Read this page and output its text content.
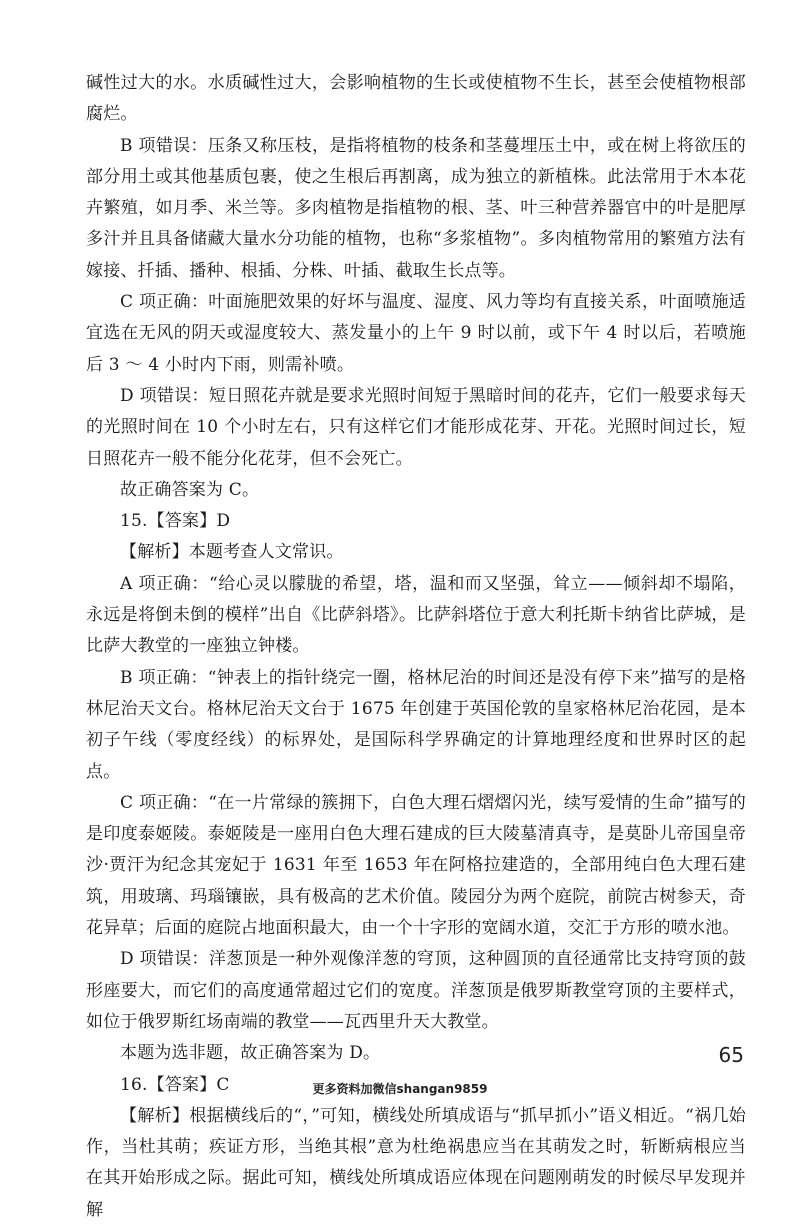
碱性过大的水。水质碱性过大，会影响植物的生长或使植物不生长，甚至会使植物根部腐烂。

B 项错误：压条又称压枝，是指将植物的枝条和茎蔓埋压土中，或在树上将欲压的部分用土或其他基质包裹，使之生根后再割离，成为独立的新植株。此法常用于木本花卉繁殖，如月季、米兰等。多肉植物是指植物的根、茎、叶三种营养器官中的叶是肥厚多汁并且具备储藏大量水分功能的植物，也称“多浆植物”。多肉植物常用的繁殖方法有嫁接、扦插、播种、根插、分株、叶插、截取生长点等。

C 项正确：叶面施肥效果的好坏与温度、湿度、风力等均有直接关系，叶面喷施适宜选在无风的阴天或湿度较大、蒸发量小的上午 9 时以前，或下午 4 时以后，若喷施后 3 ～ 4 小时内下雨，则需补喷。

D 项错误：短日照花卉就是要求光照时间短于黑暗时间的花卉，它们一般要求每天的光照时间在 10 个小时左右，只有这样它们才能形成花芽、开花。光照时间过长，短日照花卉一般不能分化花芽，但不会死亡。

故正确答案为 C。

15.【答案】D

【解析】本题考查人文常识。

A 项正确：“给心灵以朦胧的希望，塔，温和而又坚强，耸立——倾斜却不塌陷，永远是将倒未倒的模样”出自《比萨斜塔》。比萨斜塔位于意大利托斯卡纳省比萨城，是比萨大教堂的一座独立钟楼。

B 项正确：“钟表上的指针绕完一圈，格林尼治的时间还是没有停下来”描写的是格林尼治天文台。格林尼治天文台于 1675 年创建于英国伦敦的皇家格林尼治花园，是本初子午线（零度经线）的标界处，是国际科学界确定的计算地理经度和世界时区的起点。

C 项正确：“在一片常绿的簇拥下，白色大理石熠熠闪光，续写爱情的生命”描写的是印度泰姬陵。泰姬陵是一座用白色大理石建成的巨大陵墓清真寺，是莫卧儿帝国皇帝沙·贾汗为纪念其宠妃于 1631 年至 1653 年在阿格拉建造的，全部用纯白色大理石建筑，用玻璃、玛瑙镶嵌，具有极高的艺术价值。陵园分为两个庭院，前院古树参天，奇花异草；后面的庭院占地面积最大，由一个十字形的宽阔水道，交汇于方形的喷水池。

D 项错误：洋葱顶是一种外观像洋葱的穹顶，这种圆顶的直径通常比支持穹顶的鼓形座要大，而它们的高度通常超过它们的宽度。洋葱顶是俄罗斯教堂穹顶的主要样式，如位于俄罗斯红场南端的教堂——瓦西里升天大教堂。

本题为选非题，故正确答案为 D。

16.【答案】C

【解析】根据横线后的“，”可知，横线处所填成语与“抓早抓小”语义相近。“祸几始作，当杜其萌；疾证方形，当绝其根”意为杜绝祸患应当在其萌发之时，斩断病根应当在其开始形成之际。据此可知，横线处所填成语应体现在问题刚萌发的时候尽早发现并解

65
更多资料加微信shangan9859
